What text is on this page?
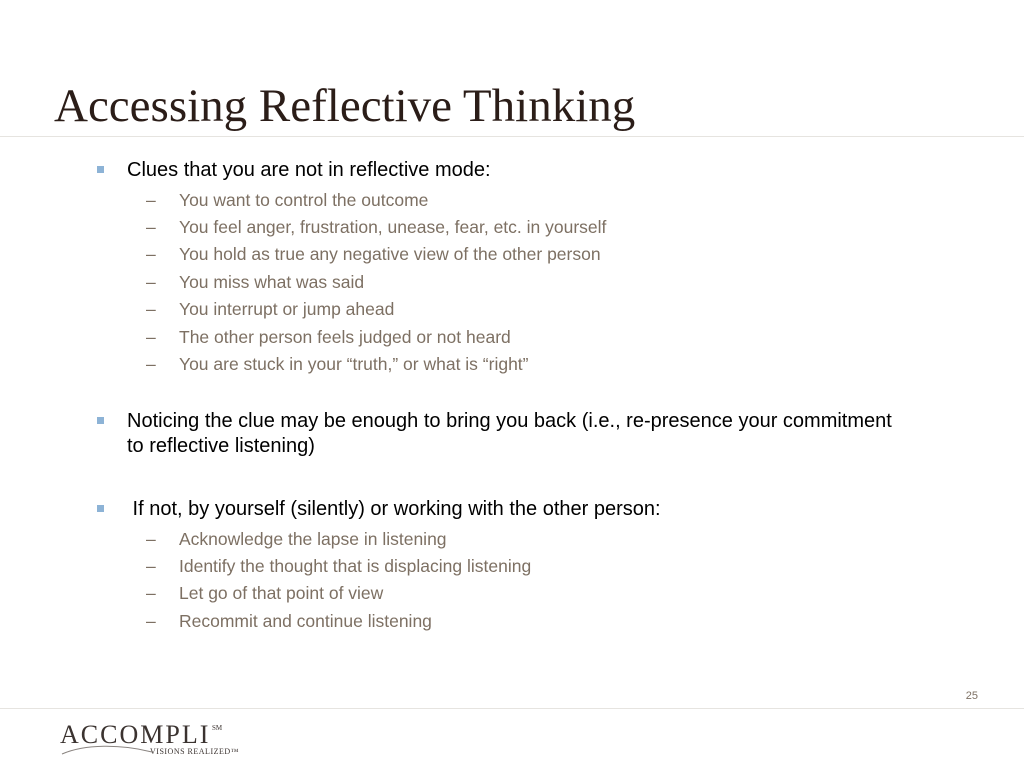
Accessing Reflective Thinking
Clues that you are not in reflective mode:
– You want to control the outcome
– You feel anger, frustration, unease, fear, etc. in yourself
– You hold as true any negative view of the other person
– You miss what was said
– You interrupt or jump ahead
– The other person feels judged or not heard
– You are stuck in your “truth,” or what is “right”
Noticing the clue may be enough to bring you back (i.e., re-presence your commitment to reflective listening)
If not, by yourself (silently) or working with the other person:
– Acknowledge the lapse in listening
– Identify the thought that is displacing listening
– Let go of that point of view
– Recommit and continue listening
25
ACCOMPLI SM
VISIONS REALIZED™
